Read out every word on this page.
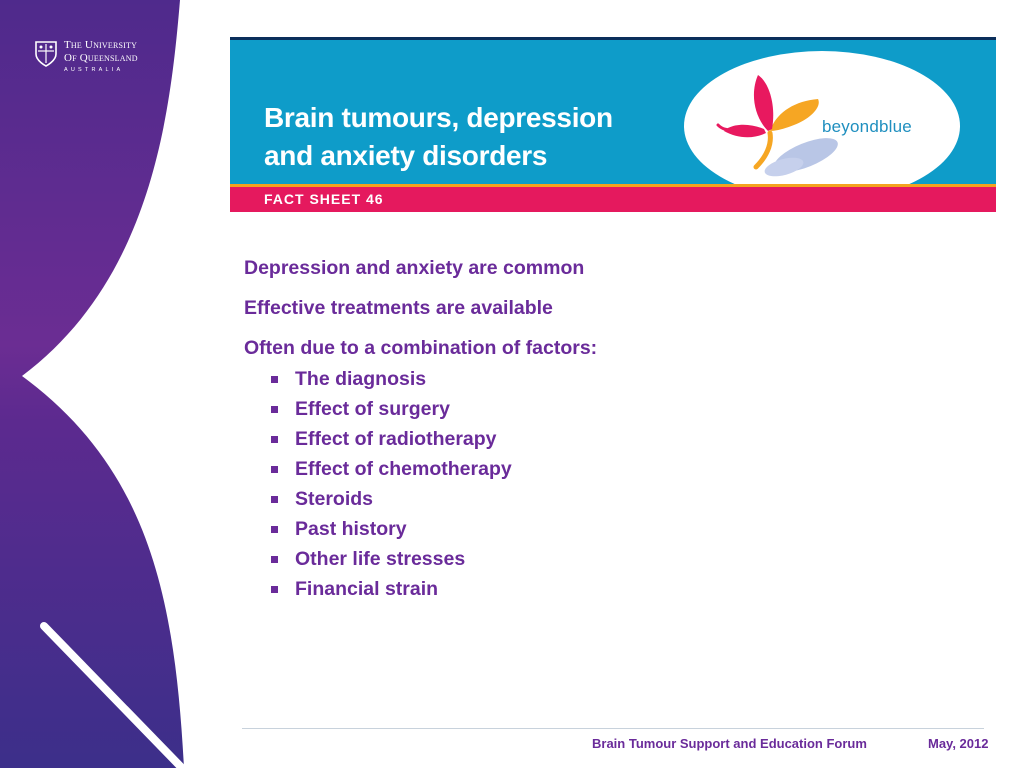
The University
Of Queensland
AUSTRALIA
Brain tumours, depression
and anxiety disorders
beyondblue
FACT SHEET 46
Depression and anxiety are common
Effective treatments are available
Often due to a combination of factors:
The diagnosis
Effect of surgery
Effect of radiotherapy
Effect of chemotherapy
Steroids
Past history
Other life stresses
Financial strain
Brain Tumour Support and Education Forum	May, 2012
